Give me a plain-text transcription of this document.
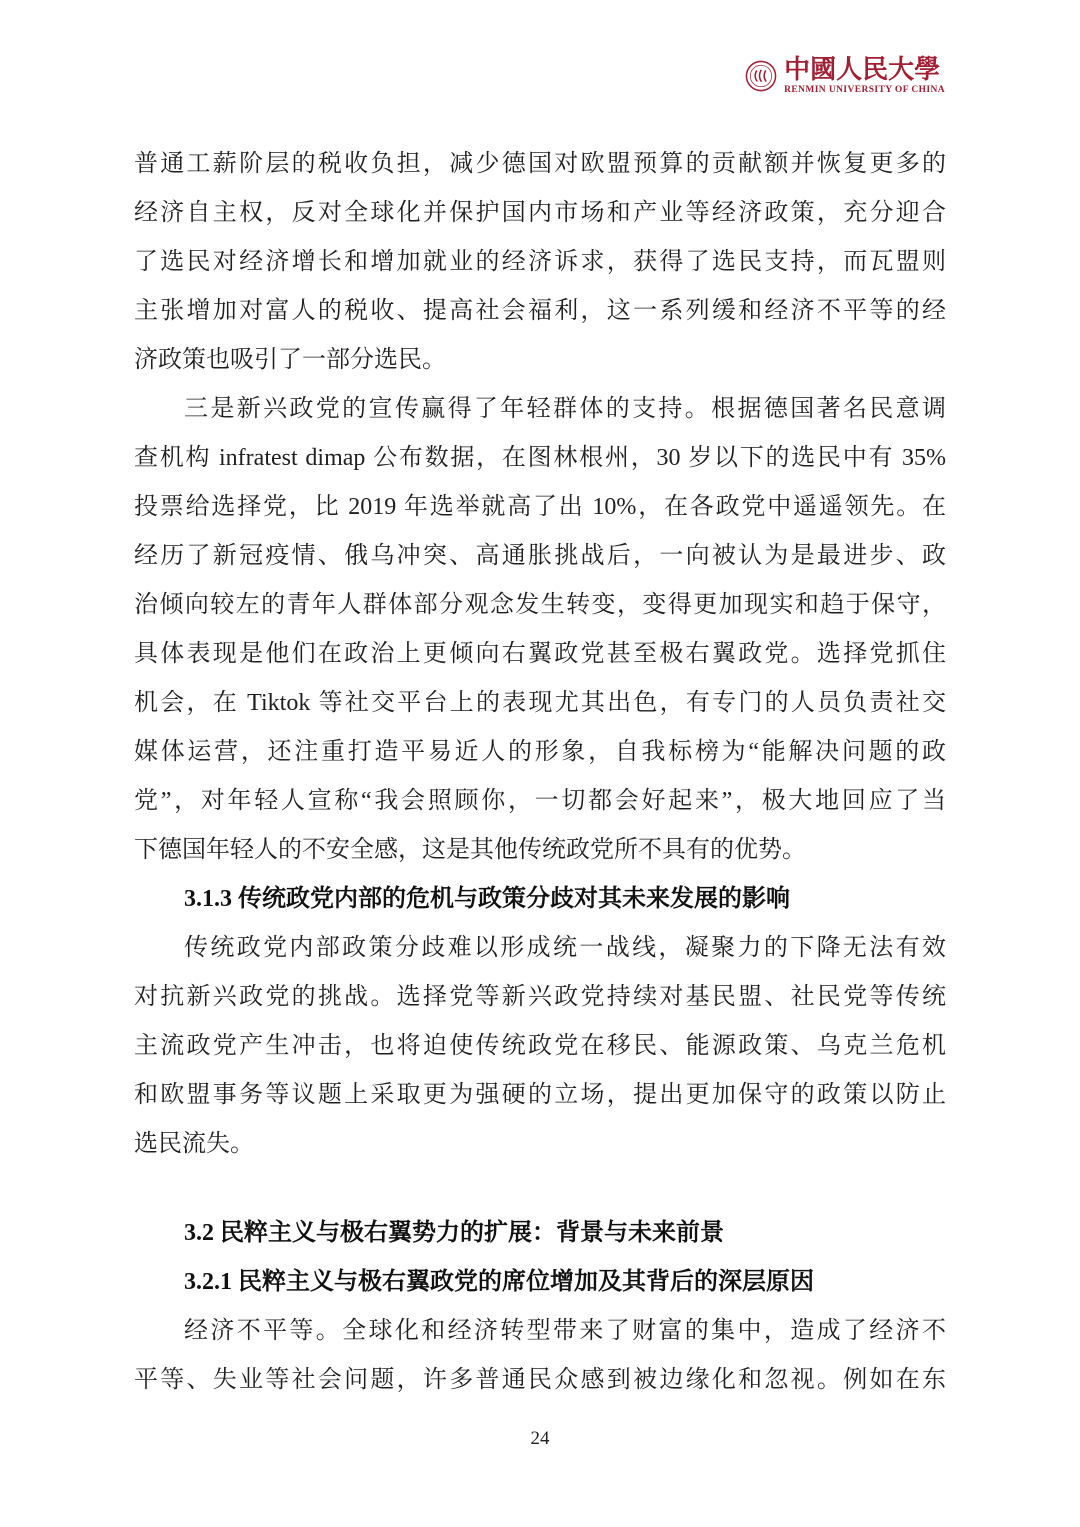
中國人民大學
RENMIN UNIVERSITY OF CHINA
普通工薪阶层的税收负担，减少德国对欧盟预算的贡献额并恢复更多的
经济自主权，反对全球化并保护国内市场和产业等经济政策，充分迎合
了选民对经济增长和增加就业的经济诉求，获得了选民支持，而瓦盟则
主张增加对富人的税收、提高社会福利，这一系列缓和经济不平等的经
济政策也吸引了一部分选民。
三是新兴政党的宣传赢得了年轻群体的支持。根据德国著名民意调
查机构 infratest dimap 公布数据，在图林根州，30 岁以下的选民中有 35%
投票给选择党，比 2019 年选举就高了出 10%，在各政党中遥遥领先。在
经历了新冠疫情、俄乌冲突、高通胀挑战后，一向被认为是最进步、政
治倾向较左的青年人群体部分观念发生转变，变得更加现实和趋于保守，
具体表现是他们在政治上更倾向右翼政党甚至极右翼政党。选择党抓住
机会，在 Tiktok 等社交平台上的表现尤其出色，有专门的人员负责社交
媒体运营，还注重打造平易近人的形象，自我标榜为“能解决问题的政
党”，对年轻人宣称“我会照顾你，一切都会好起来”，极大地回应了当
下德国年轻人的不安全感，这是其他传统政党所不具有的优势。
3.1.3 传统政党内部的危机与政策分歧对其未来发展的影响
传统政党内部政策分歧难以形成统一战线，凝聚力的下降无法有效
对抗新兴政党的挑战。选择党等新兴政党持续对基民盟、社民党等传统
主流政党产生冲击，也将迫使传统政党在移民、能源政策、乌克兰危机
和欧盟事务等议题上采取更为强硬的立场，提出更加保守的政策以防止
选民流失。
3.2 民粹主义与极右翼势力的扩展：背景与未来前景
3.2.1 民粹主义与极右翼政党的席位增加及其背后的深层原因
经济不平等。全球化和经济转型带来了财富的集中，造成了经济不
平等、失业等社会问题，许多普通民众感到被边缘化和忽视。例如在东
24
